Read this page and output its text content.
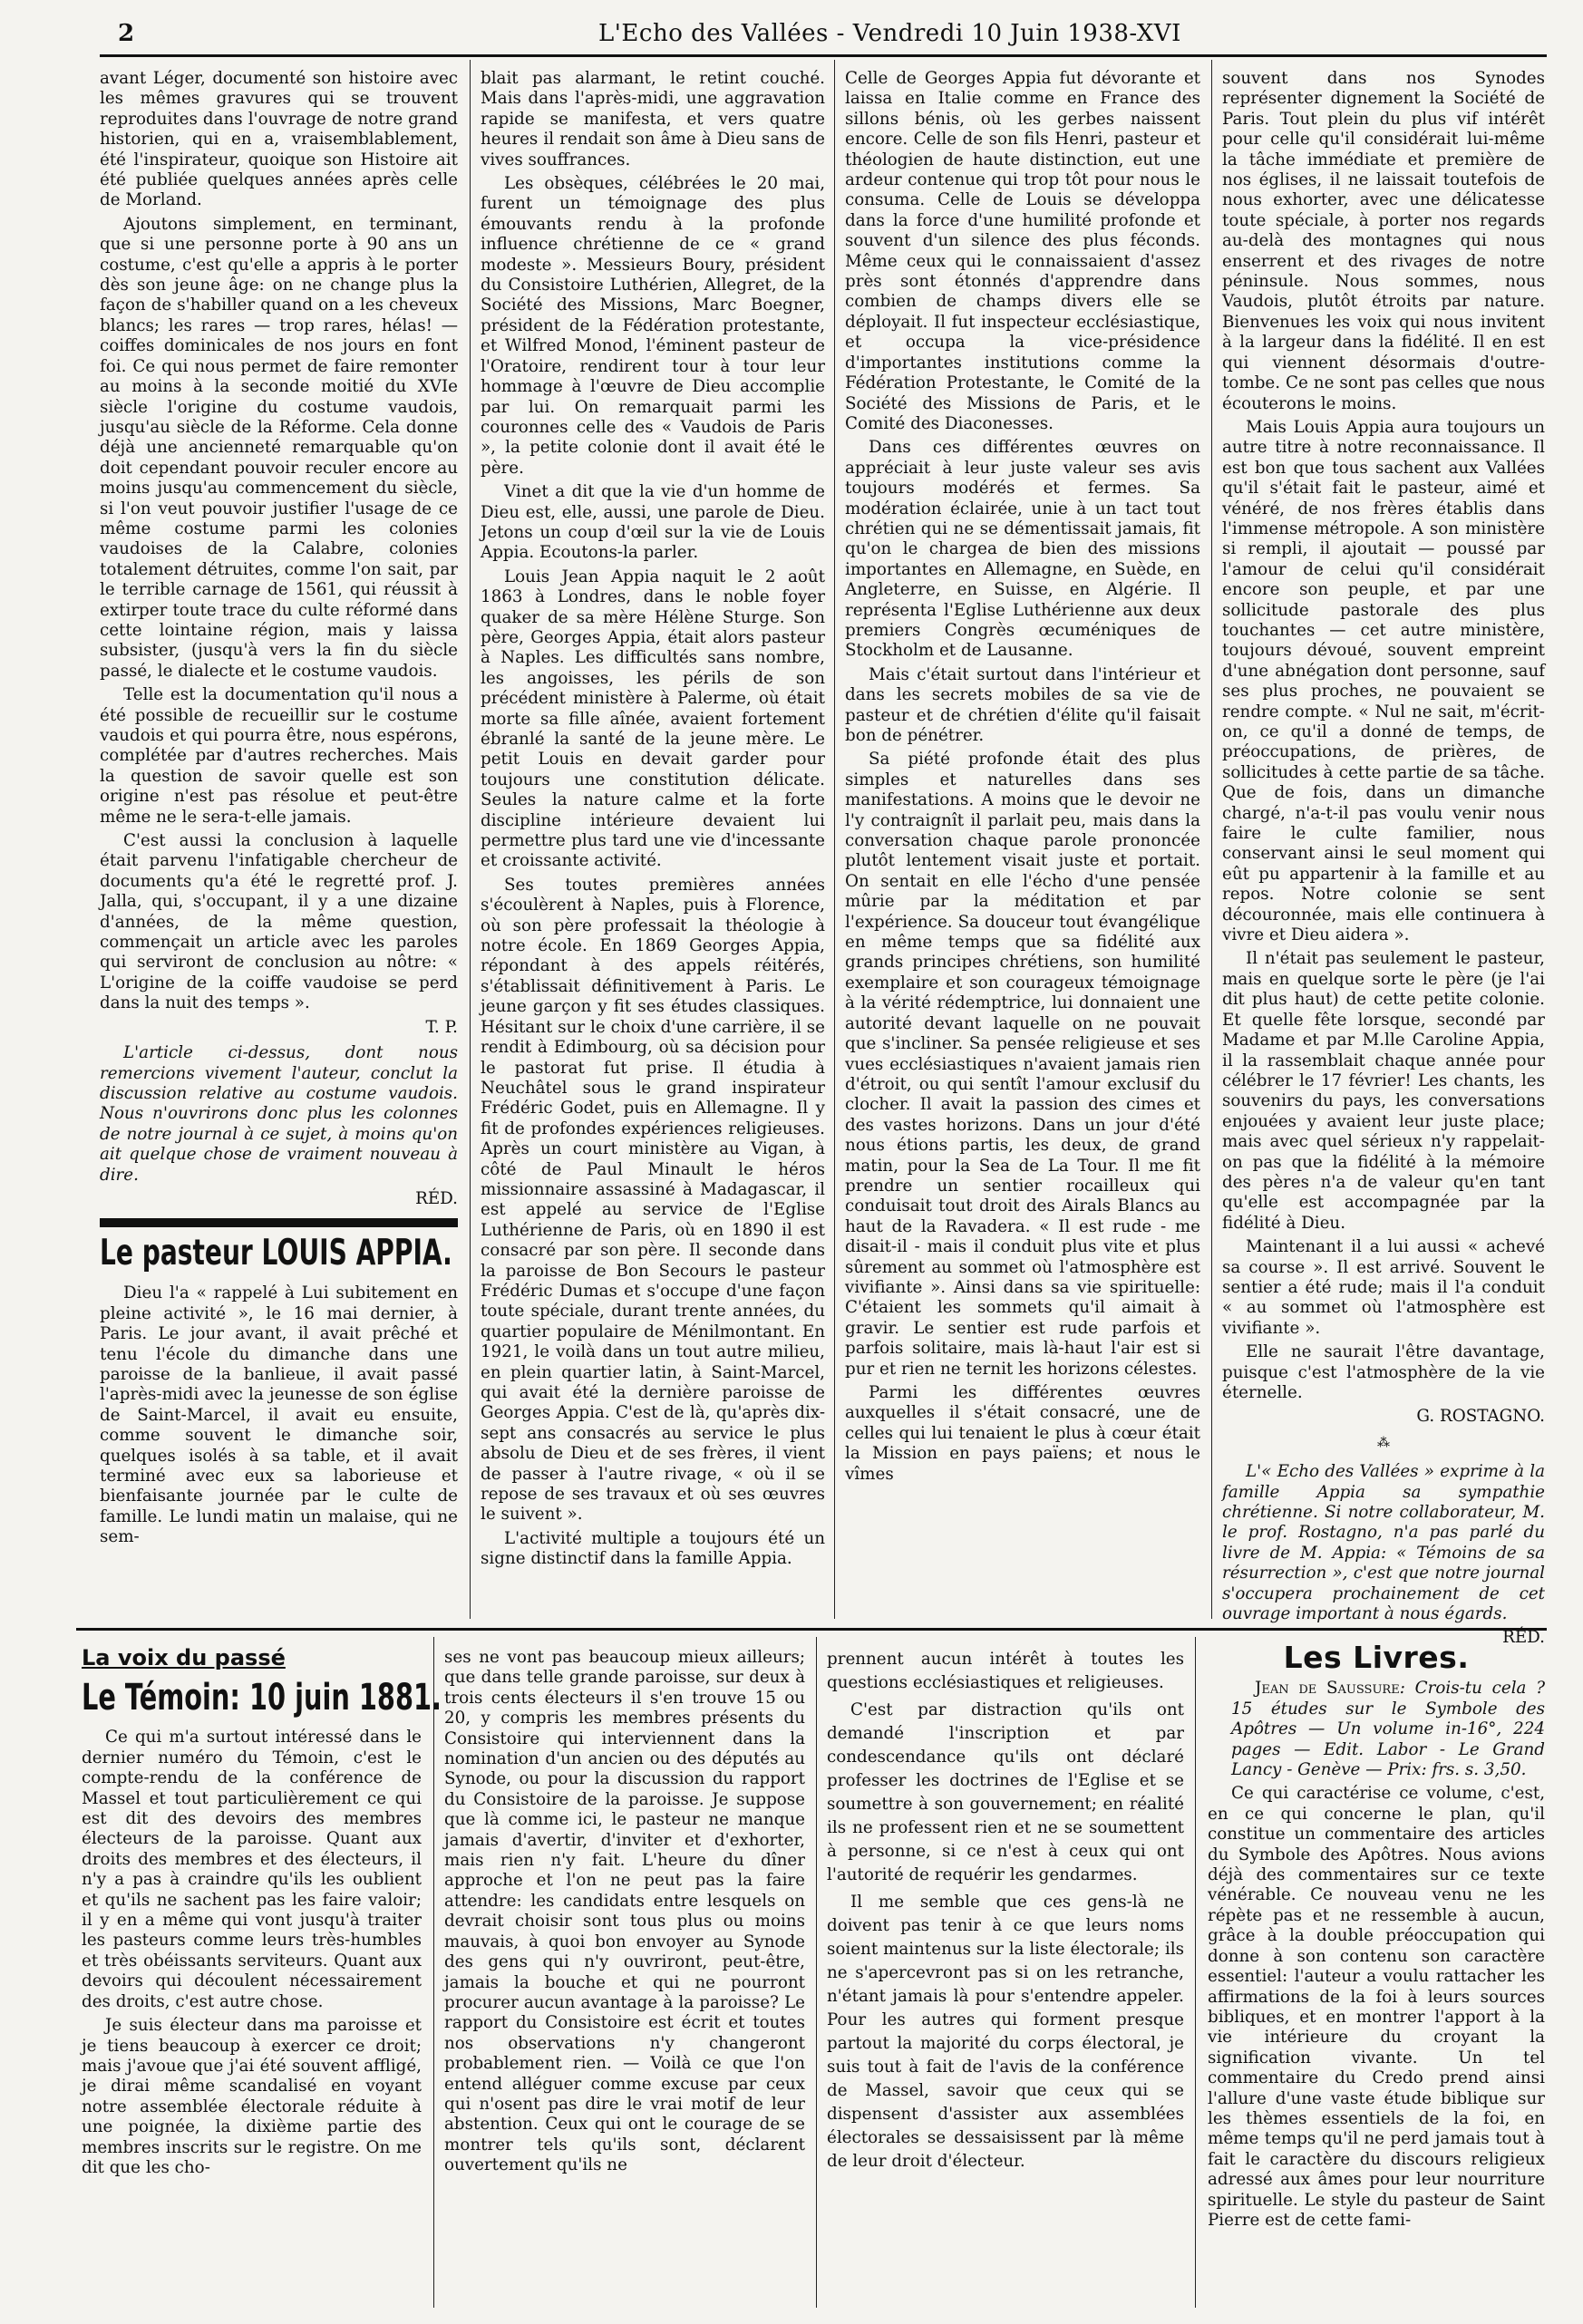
2	L'Echo des Vallées - Vendredi 10 Juin 1938-XVI

avant Léger, documenté son histoire avec les mêmes gravures qui se trouvent reproduites dans l'ouvrage de notre grand historien, qui en a, vraisemblablement, été l'inspirateur, quoique son Histoire ait été publiée quelques années après celle de Morland.

Ajoutons simplement, en terminant, que si une personne porte à 90 ans un costume, c'est qu'elle a appris à le porter dès son jeune âge: on ne change plus la façon de s'habiller quand on a les cheveux blancs; les rares — trop rares, hélas! — coiffes dominicales de nos jours en font foi. Ce qui nous permet de faire remonter au moins à la seconde moitié du XVIe siècle l'origine du costume vaudois, jusqu'au siècle de la Réforme. Cela donne déjà une ancienneté remarquable qu'on doit cependant pouvoir reculer encore au moins jusqu'au commencement du siècle, si l'on veut pouvoir justifier l'usage de ce même costume parmi les colonies vaudoises de la Calabre, colonies totalement détruites, comme l'on sait, par le terrible carnage de 1561, qui réussit à extirper toute trace du culte réformé dans cette lointaine région, mais y laissa subsister, (jusqu'à vers la fin du siècle passé, le dialecte et le costume vaudois.

Telle est la documentation qu'il nous a été possible de recueillir sur le costume vaudois et qui pourra être, nous espérons, complétée par d'autres recherches. Mais la question de savoir quelle est son origine n'est pas résolue et peut-être même ne le sera-t-elle jamais.

C'est aussi la conclusion à laquelle était parvenu l'infatigable chercheur de documents qu'a été le regretté prof. J. Jalla, qui, s'occupant, il y a une dizaine d'années, de la même question, commençait un article avec les paroles qui serviront de conclusion au nôtre: « L'origine de la coiffe vaudoise se perd dans la nuit des temps ».

T. P.

L'article ci-dessus, dont nous remercions vivement l'auteur, conclut la discussion relative au costume vaudois. Nous n'ouvrirons donc plus les colonnes de notre journal à ce sujet, à moins qu'on ait quelque chose de vraiment nouveau à dire.

RÉD.
Le pasteur LOUIS APPIA.

Dieu l'a « rappelé à Lui subitement en pleine activité », le 16 mai dernier, à Paris. Le jour avant, il avait prêché et tenu l'école du dimanche dans une paroisse de la banlieue, il avait passé l'après-midi avec la jeunesse de son église de Saint-Marcel, il avait eu ensuite, comme souvent le dimanche soir, quelques isolés à sa table, et il avait terminé avec eux sa laborieuse et bienfaisante journée par le culte de famille. Le lundi matin un malaise, qui ne sem-

blait pas alarmant, le retint couché. Mais dans l'après-midi, une aggravation rapide se manifesta, et vers quatre heures il rendait son âme à Dieu sans de vives souffrances.

Les obsèques, célébrées le 20 mai, furent un témoignage des plus émouvants rendu à la profonde influence chrétienne de ce « grand modeste ». Messieurs Boury, président du Consistoire Luthérien, Allegret, de la Société des Missions, Marc Boegner, président de la Fédération protestante, et Wilfred Monod, l'éminent pasteur de l'Oratoire, rendirent tour à tour leur hommage à l'œuvre de Dieu accomplie par lui. On remarquait parmi les couronnes celle des « Vaudois de Paris », la petite colonie dont il avait été le père.

Vinet a dit que la vie d'un homme de Dieu est, elle, aussi, une parole de Dieu. Jetons un coup d'œil sur la vie de Louis Appia. Ecoutons-la parler.

Louis Jean Appia naquit le 2 août 1863 à Londres, dans le noble foyer quaker de sa mère Hélène Sturge. Son père, Georges Appia, était alors pasteur à Naples. Les difficultés sans nombre, les angoisses, les périls de son précédent ministère à Palerme, où était morte sa fille aînée, avaient fortement ébranlé la santé de la jeune mère. Le petit Louis en devait garder pour toujours une constitution délicate. Seules la nature calme et la forte discipline intérieure devaient lui permettre plus tard une vie d'incessante et croissante activité.

Ses toutes premières années s'écoulèrent à Naples, puis à Florence, où son père professait la théologie à notre école. En 1869 Georges Appia, répondant à des appels réitérés, s'établissait définitivement à Paris. Le jeune garçon y fit ses études classiques. Hésitant sur le choix d'une carrière, il se rendit à Edimbourg, où sa décision pour le pastorat fut prise. Il étudia à Neuchâtel sous le grand inspirateur Frédéric Godet, puis en Allemagne. Il y fit de profondes expériences religieuses. Après un court ministère au Vigan, à côté de Paul Minault le héros missionnaire assassiné à Madagascar, il est appelé au service de l'Eglise Luthérienne de Paris, où en 1890 il est consacré par son père. Il seconde dans la paroisse de Bon Secours le pasteur Frédéric Dumas et s'occupe d'une façon toute spéciale, durant trente années, du quartier populaire de Ménilmontant. En 1921, le voilà dans un tout autre milieu, en plein quartier latin, à Saint-Marcel, qui avait été la dernière paroisse de Georges Appia. C'est de là, qu'après dix-sept ans consacrés au service le plus absolu de Dieu et de ses frères, il vient de passer à l'autre rivage, « où il se repose de ses travaux et où ses œuvres le suivent ».

L'activité multiple a toujours été un signe distinctif dans la famille Appia.

Celle de Georges Appia fut dévorante et laissa en Italie comme en France des sillons bénis, où les gerbes naissent encore. Celle de son fils Henri, pasteur et théologien de haute distinction, eut une ardeur contenue qui trop tôt pour nous le consuma. Celle de Louis se développa dans la force d'une humilité profonde et souvent d'un silence des plus féconds. Même ceux qui le connaissaient d'assez près sont étonnés d'apprendre dans combien de champs divers elle se déployait. Il fut inspecteur ecclésiastique, et occupa la vice-présidence d'importantes institutions comme la Fédération Protestante, le Comité de la Société des Missions de Paris, et le Comité des Diaconesses.

Dans ces différentes œuvres on appréciait à leur juste valeur ses avis toujours modérés et fermes. Sa modération éclairée, unie à un tact tout chrétien qui ne se démentissait jamais, fit qu'on le chargea de bien des missions importantes en Allemagne, en Suède, en Angleterre, en Suisse, en Algérie. Il représenta l'Eglise Luthérienne aux deux premiers Congrès œcuméniques de Stockholm et de Lausanne.

Mais c'était surtout dans l'intérieur et dans les secrets mobiles de sa vie de pasteur et de chrétien d'élite qu'il faisait bon de pénétrer.

Sa piété profonde était des plus simples et naturelles dans ses manifestations. A moins que le devoir ne l'y contraignît il parlait peu, mais dans la conversation chaque parole prononcée plutôt lentement visait juste et portait. On sentait en elle l'écho d'une pensée mûrie par la méditation et par l'expérience. Sa douceur tout évangélique en même temps que sa fidélité aux grands principes chrétiens, son humilité exemplaire et son courageux témoignage à la vérité rédemptrice, lui donnaient une autorité devant laquelle on ne pouvait que s'incliner. Sa pensée religieuse et ses vues ecclésiastiques n'avaient jamais rien d'étroit, ou qui sentît l'amour exclusif du clocher. Il avait la passion des cimes et des vastes horizons. Dans un jour d'été nous étions partis, les deux, de grand matin, pour la Sea de La Tour. Il me fit prendre un sentier rocailleux qui conduisait tout droit des Airals Blancs au haut de la Ravadera. « Il est rude - me disait-il - mais il conduit plus vite et plus sûrement au sommet où l'atmosphère est vivifiante ». Ainsi dans sa vie spirituelle: C'étaient les sommets qu'il aimait à gravir. Le sentier est rude parfois et parfois solitaire, mais là-haut l'air est si pur et rien ne ternit les horizons célestes.

Parmi les différentes œuvres auxquelles il s'était consacré, une de celles qui lui tenaient le plus à cœur était la Mission en pays païens; et nous le vîmes

souvent dans nos Synodes représenter dignement la Société de Paris. Tout plein du plus vif intérêt pour celle qu'il considérait lui-même la tâche immédiate et première de nos églises, il ne laissait toutefois de nous exhorter, avec une délicatesse toute spéciale, à porter nos regards au-delà des montagnes qui nous enserrent et des rivages de notre péninsule. Nous sommes, nous Vaudois, plutôt étroits par nature. Bienvenues les voix qui nous invitent à la largeur dans la fidélité. Il en est qui viennent désormais d'outre-tombe. Ce ne sont pas celles que nous écouterons le moins.

Mais Louis Appia aura toujours un autre titre à notre reconnaissance. Il est bon que tous sachent aux Vallées qu'il s'était fait le pasteur, aimé et vénéré, de nos frères établis dans l'immense métropole. A son ministère si rempli, il ajoutait — poussé par l'amour de celui qu'il considérait encore son peuple, et par une sollicitude pastorale des plus touchantes — cet autre ministère, toujours dévoué, souvent empreint d'une abnégation dont personne, sauf ses plus proches, ne pouvaient se rendre compte. « Nul ne sait, m'écrit-on, ce qu'il a donné de temps, de préoccupations, de prières, de sollicitudes à cette partie de sa tâche. Que de fois, dans un dimanche chargé, n'a-t-il pas voulu venir nous faire le culte familier, nous conservant ainsi le seul moment qui eût pu appartenir à la famille et au repos. Notre colonie se sent découronnée, mais elle continuera à vivre et Dieu aidera ».

Il n'était pas seulement le pasteur, mais en quelque sorte le père (je l'ai dit plus haut) de cette petite colonie. Et quelle fête lorsque, secondé par Madame et par M.lle Caroline Appia, il la rassemblait chaque année pour célébrer le 17 février! Les chants, les souvenirs du pays, les conversations enjouées y avaient leur juste place; mais avec quel sérieux n'y rappelait-on pas que la fidélité à la mémoire des pères n'a de valeur qu'en tant qu'elle est accompagnée par la fidélité à Dieu.

Maintenant il a lui aussi « achevé sa course ». Il est arrivé. Souvent le sentier a été rude; mais il l'a conduit « au sommet où l'atmosphère est vivifiante ».

Elle ne saurait l'être davantage, puisque c'est l'atmosphère de la vie éternelle.

G. ROSTAGNO.
⁂

L'« Echo des Vallées » exprime à la famille Appia sa sympathie chrétienne. Si notre collaborateur, M. le prof. Rostagno, n'a pas parlé du livre de M. Appia: « Témoins de sa résurrection », c'est que notre journal s'occupera prochainement de cet ouvrage important à nous égards.

RÉD.
La voix du passé
Le Témoin: 10 juin 1881.

Ce qui m'a surtout intéressé dans le dernier numéro du Témoin, c'est le compte-rendu de la conférence de Massel et tout particulièrement ce qui est dit des devoirs des membres électeurs de la paroisse. Quant aux droits des membres et des électeurs, il n'y a pas à craindre qu'ils les oublient et qu'ils ne sachent pas les faire valoir; il y en a même qui vont jusqu'à traiter les pasteurs comme leurs très-humbles et très obéissants serviteurs. Quant aux devoirs qui découlent nécessairement des droits, c'est autre chose.

Je suis électeur dans ma paroisse et je tiens beaucoup à exercer ce droit; mais j'avoue que j'ai été souvent affligé, je dirai même scandalisé en voyant notre assemblée électorale réduite à une poignée, la dixième partie des membres inscrits sur le registre. On me dit que les cho-

ses ne vont pas beaucoup mieux ailleurs; que dans telle grande paroisse, sur deux à trois cents électeurs il s'en trouve 15 ou 20, y compris les membres présents du Consistoire qui interviennent dans la nomination d'un ancien ou des députés au Synode, ou pour la discussion du rapport du Consistoire de la paroisse. Je suppose que là comme ici, le pasteur ne manque jamais d'avertir, d'inviter et d'exhorter, mais rien n'y fait. L'heure du dîner approche et l'on ne peut pas la faire attendre: les candidats entre lesquels on devrait choisir sont tous plus ou moins mauvais, à quoi bon envoyer au Synode des gens qui n'y ouvriront, peut-être, jamais la bouche et qui ne pourront procurer aucun avantage à la paroisse? Le rapport du Consistoire est écrit et toutes nos observations n'y changeront probablement rien. — Voilà ce que l'on entend alléguer comme excuse par ceux qui n'osent pas dire le vrai motif de leur abstention. Ceux qui ont le courage de se montrer tels qu'ils sont, déclarent ouvertement qu'ils ne

prennent aucun intérêt à toutes les questions ecclésiastiques et religieuses.

C'est par distraction qu'ils ont demandé l'inscription et par condescendance qu'ils ont déclaré professer les doctrines de l'Eglise et se soumettre à son gouvernement; en réalité ils ne professent rien et ne se soumettent à personne, si ce n'est à ceux qui ont l'autorité de requérir les gendarmes.

Il me semble que ces gens-là ne doivent pas tenir à ce que leurs noms soient maintenus sur la liste électorale; ils ne s'apercevront pas si on les retranche, n'étant jamais là pour s'entendre appeler. Pour les autres qui forment presque partout la majorité du corps électoral, je suis tout à fait de l'avis de la conférence de Massel, savoir que ceux qui se dispensent d'assister aux assemblées électorales se dessaisissent par là même de leur droit d'électeur.

Les Livres.

Jean de Saussure: Crois-tu cela ? 15 études sur le Symbole des Apôtres — Un volume in-16°, 224 pages — Edit. Labor - Le Grand Lancy - Genève — Prix: frs. s. 3,50.

Ce qui caractérise ce volume, c'est, en ce qui concerne le plan, qu'il constitue un commentaire des articles du Symbole des Apôtres. Nous avions déjà des commentaires sur ce texte vénérable. Ce nouveau venu ne les répète pas et ne ressemble à aucun, grâce à la double préoccupation qui donne à son contenu son caractère essentiel: l'auteur a voulu rattacher les affirmations de la foi à leurs sources bibliques, et en montrer l'apport à la vie intérieure du croyant la signification vivante. Un tel commentaire du Credo prend ainsi l'allure d'une vaste étude biblique sur les thèmes essentiels de la foi, en même temps qu'il ne perd jamais tout à fait le caractère du discours religieux adressé aux âmes pour leur nourriture spirituelle. Le style du pasteur de Saint Pierre est de cette fami-
